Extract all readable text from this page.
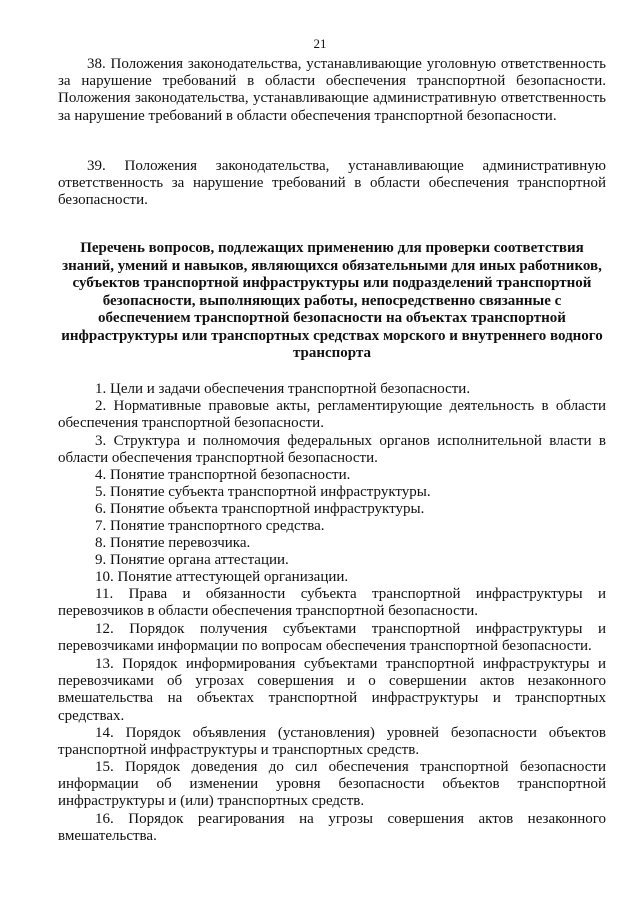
21

38. Положения законодательства, устанавливающие уголовную ответственность за нарушение требований в области обеспечения транспортной безопасности. Положения законодательства, устанавливающие административную ответственность за нарушение требований в области обеспечения транспортной безопасности.

39. Положения законодательства, устанавливающие административную ответственность за нарушение требований в области обеспечения транспортной безопасности.

Перечень вопросов, подлежащих применению для проверки соответствия знаний, умений и навыков, являющихся обязательными для иных работников, субъектов транспортной инфраструктуры или подразделений транспортной безопасности, выполняющих работы, непосредственно связанные с обеспечением транспортной безопасности на объектах транспортной инфраструктуры или транспортных средствах морского и внутреннего водного транспорта

1. Цели и задачи обеспечения транспортной безопасности.

2. Нормативные правовые акты, регламентирующие деятельность в области обеспечения транспортной безопасности.

3. Структура и полномочия федеральных органов исполнительной власти в области обеспечения транспортной безопасности.

4. Понятие транспортной безопасности.

5. Понятие субъекта транспортной инфраструктуры.

6. Понятие объекта транспортной инфраструктуры.

7. Понятие транспортного средства.

8. Понятие перевозчика.

9. Понятие органа аттестации.

10. Понятие аттестующей организации.

11. Права и обязанности субъекта транспортной инфраструктуры и перевозчиков в области обеспечения транспортной безопасности.

12. Порядок получения субъектами транспортной инфраструктуры и перевозчиками информации по вопросам обеспечения транспортной безопасности.

13. Порядок информирования субъектами транспортной инфраструктуры и перевозчиками об угрозах совершения и о совершении актов незаконного вмешательства на объектах транспортной инфраструктуры и транспортных средствах.

14. Порядок объявления (установления) уровней безопасности объектов транспортной инфраструктуры и транспортных средств.

15. Порядок доведения до сил обеспечения транспортной безопасности информации об изменении уровня безопасности объектов транспортной инфраструктуры и (или) транспортных средств.

16. Порядок реагирования на угрозы совершения актов незаконного вмешательства.
